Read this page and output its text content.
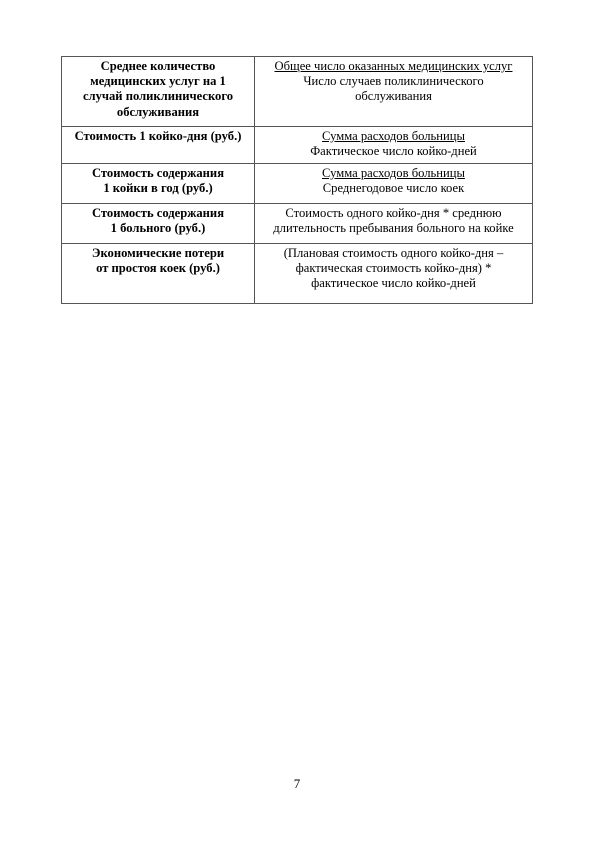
Среднее количество
медицинских услуг на 1
случай поликлинического
обслуживания	Общее число оказанных медицинских услуг
Число случаев поликлинического
обслуживания

Стоимость 1 койко-дня (руб.)	Сумма расходов больницы
Фактическое число койко-дней

Стоимость содержания
1 койки в год (руб.)	Сумма расходов больницы
Среднегодовое число коек

Стоимость содержания
1 больного (руб.)	Стоимость одного койко-дня * среднюю
длительность пребывания больного на койке

Экономические потери
от простоя коек (руб.)	(Плановая стоимость одного койко-дня –
фактическая стоимость койко-дня) *
фактическое число койко-дней
7
